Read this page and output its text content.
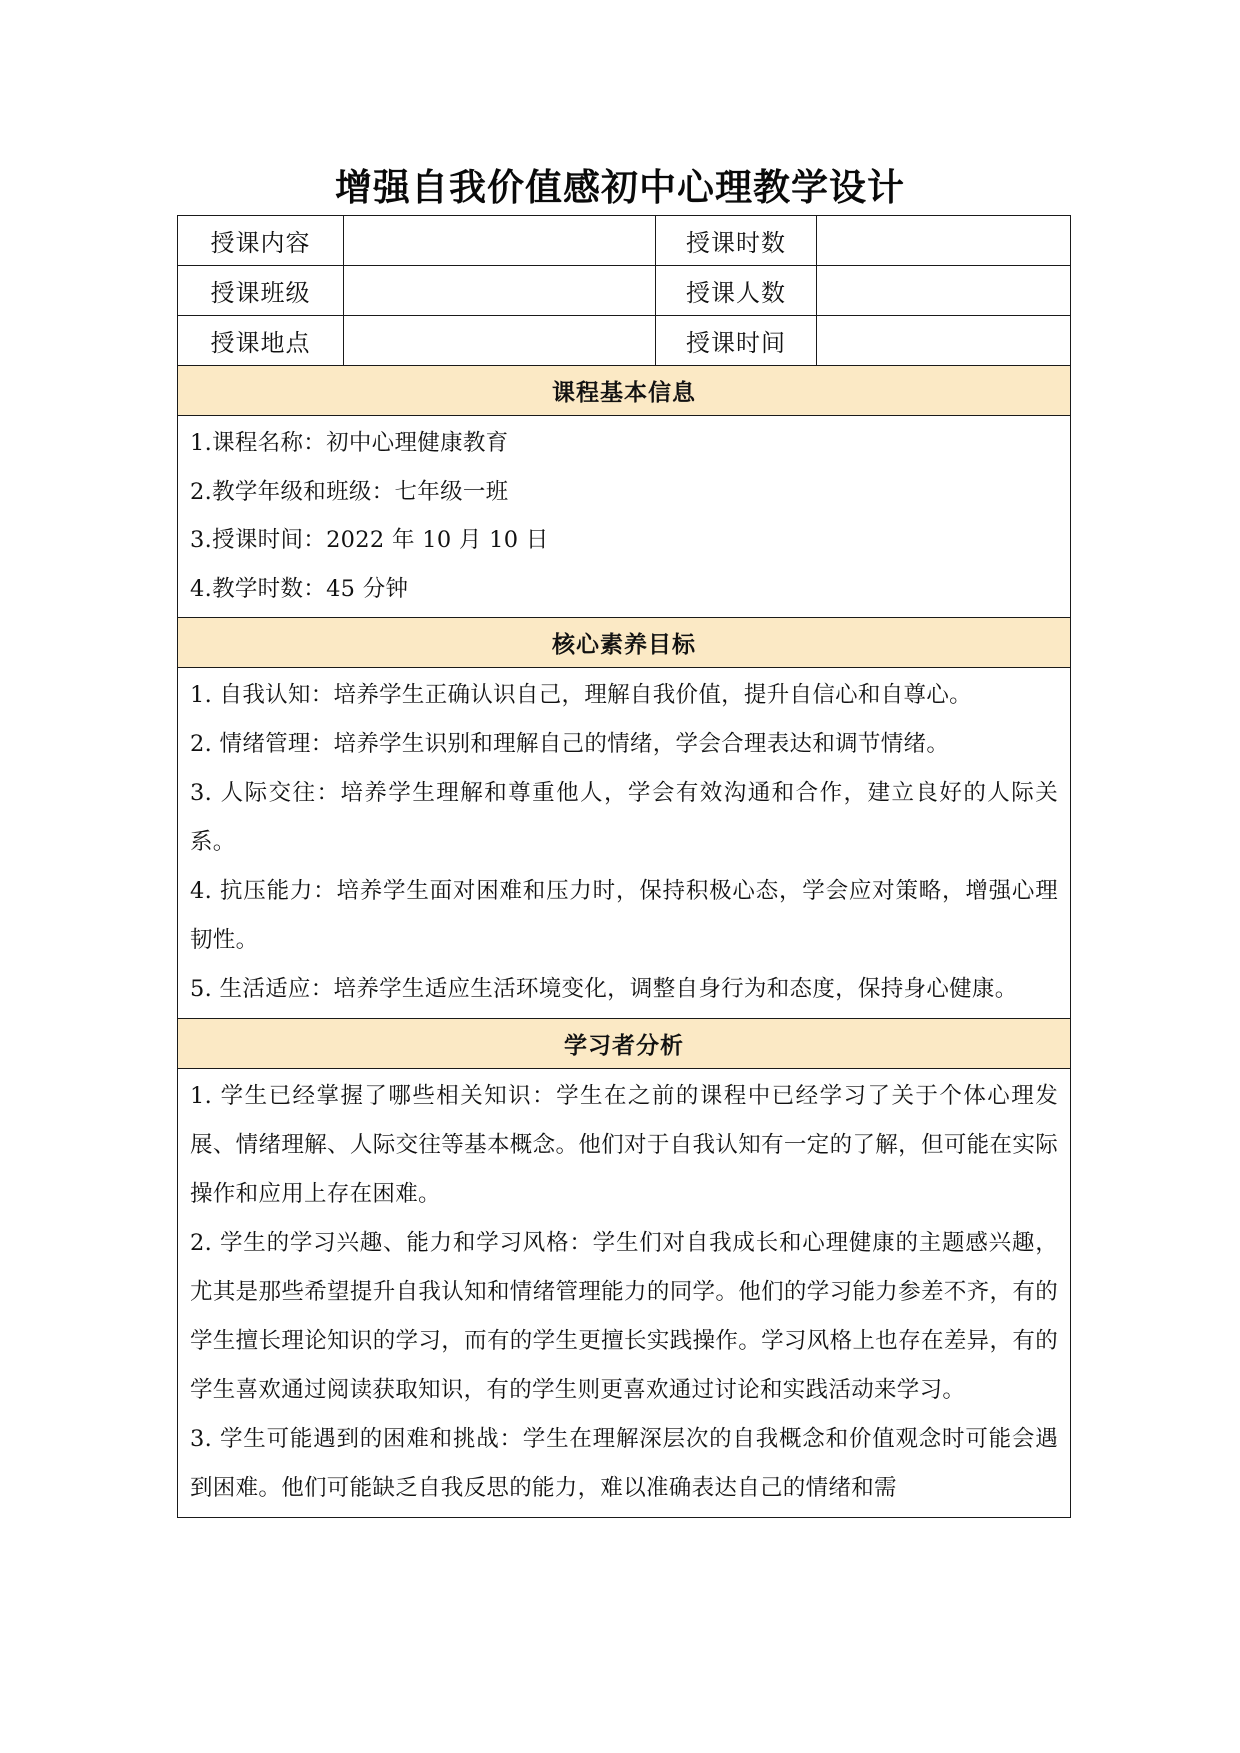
增强自我价值感初中心理教学设计
授课内容		授课时数	
授课班级		授课人数	
授课地点		授课时间	
课程基本信息			

1.课程名称：初中心理健康教育
2.教学年级和班级：七年级一班
3.授课时间：2022 年 10 月 10 日
4.教学时数：45 分钟			

核心素养目标			

1. 自我认知：培养学生正确认识自己，理解自我价值，提升自信心和自尊心。
2. 情绪管理：培养学生识别和理解自己的情绪，学会合理表达和调节情绪。
3. 人际交往：培养学生理解和尊重他人，学会有效沟通和合作，建立良好的人际关系。
4. 抗压能力：培养学生面对困难和压力时，保持积极心态，学会应对策略，增强心理韧性。
5. 生活适应：培养学生适应生活环境变化，调整自身行为和态度，保持身心健康。			

学习者分析			

1. 学生已经掌握了哪些相关知识：学生在之前的课程中已经学习了关于个体心理发展、情绪理解、人际交往等基本概念。他们对于自我认知有一定的了解，但可能在实际操作和应用上存在困难。
2. 学生的学习兴趣、能力和学习风格：学生们对自我成长和心理健康的主题感兴趣，尤其是那些希望提升自我认知和情绪管理能力的同学。他们的学习能力参差不齐，有的学生擅长理论知识的学习，而有的学生更擅长实践操作。学习风格上也存在差异，有的学生喜欢通过阅读获取知识，有的学生则更喜欢通过讨论和实践活动来学习。
3. 学生可能遇到的困难和挑战：学生在理解深层次的自我概念和价值观念时可能会遇到困难。他们可能缺乏自我反思的能力，难以准确表达自己的情绪和需			
